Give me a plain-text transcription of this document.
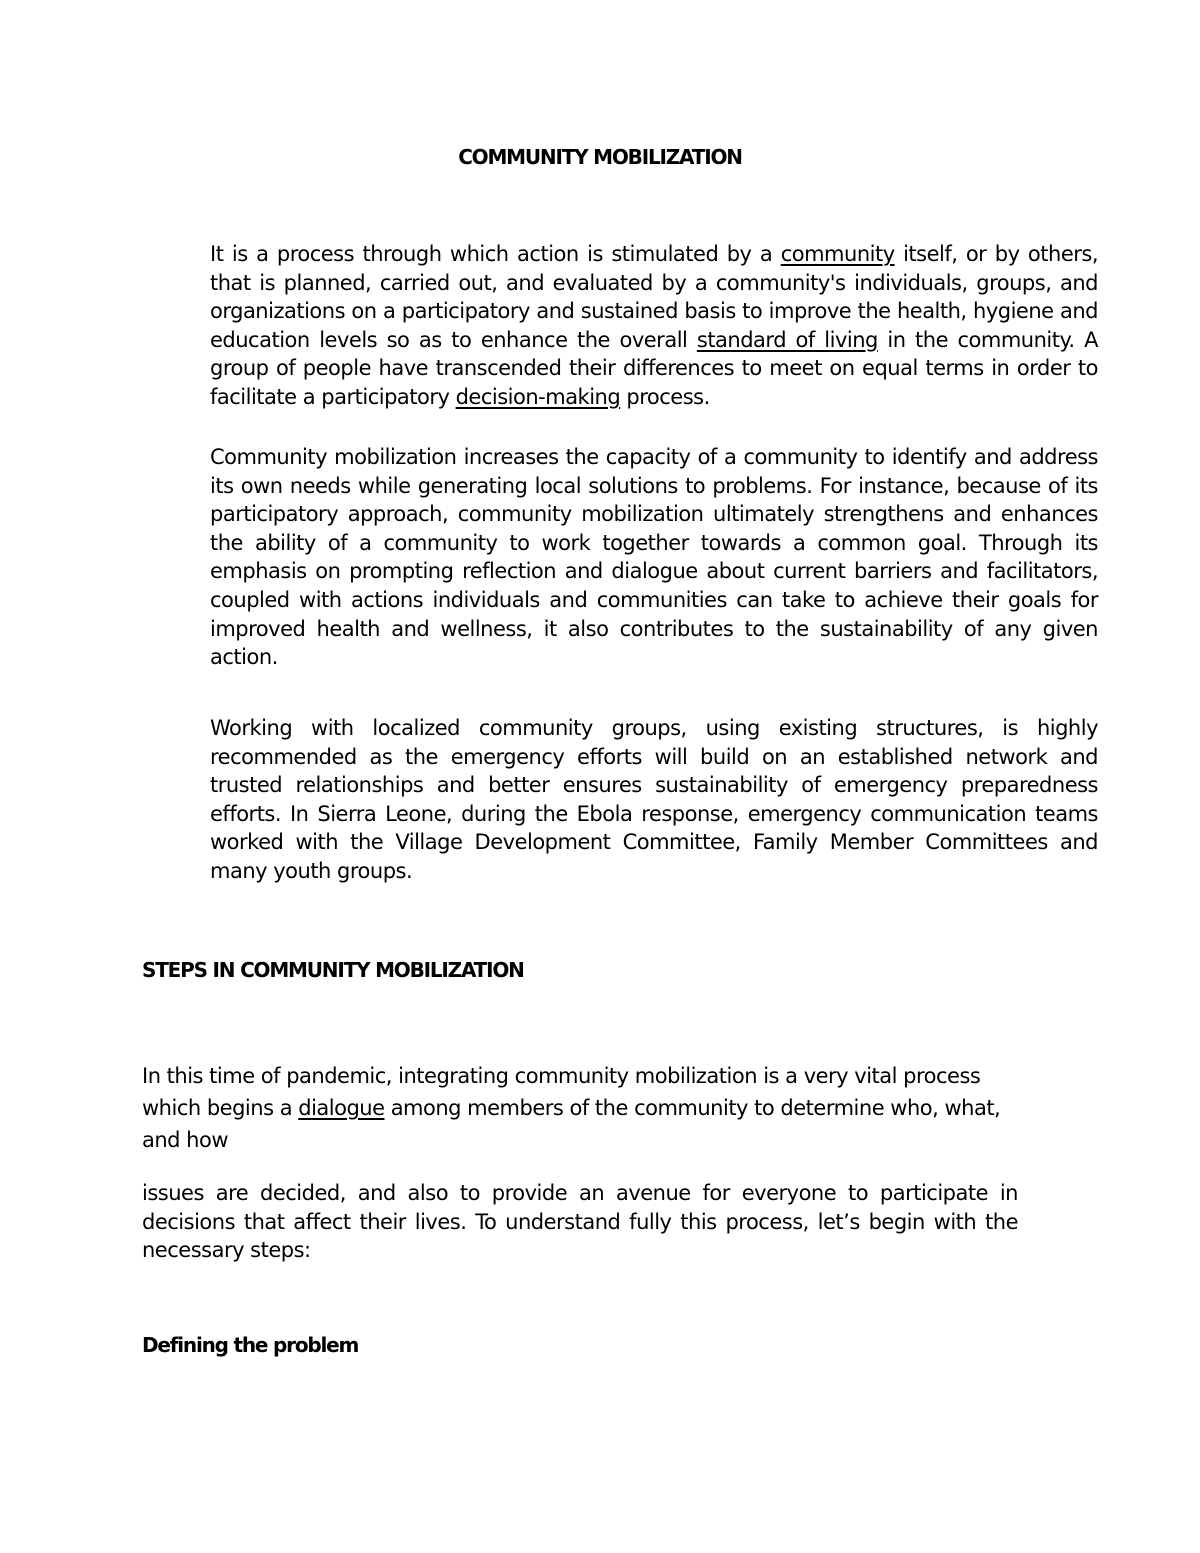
COMMUNITY MOBILIZATION

It is a process through which action is stimulated by a community itself, or by others, that is planned, carried out, and evaluated by a community's individuals, groups, and organizations on a participatory and sustained basis to improve the health, hygiene and education levels so as to enhance the overall standard of living in the community. A group of people have transcended their differences to meet on equal terms in order to facilitate a participatory decision-making process.

Community mobilization increases the capacity of a community to identify and address its own needs while generating local solutions to problems. For instance, because of its participatory approach, community mobilization ultimately strengthens and enhances the ability of a community to work together towards a common goal. Through its emphasis on prompting reflection and dialogue about current barriers and facilitators, coupled with actions individuals and communities can take to achieve their goals for improved health and wellness, it also contributes to the sustainability of any given action.

Working with localized community groups, using existing structures, is highly recommended as the emergency efforts will build on an established network and trusted relationships and better ensures sustainability of emergency preparedness efforts. In Sierra Leone, during the Ebola response, emergency communication teams worked with the Village Development Committee, Family Member Committees and many youth groups.

STEPS IN COMMUNITY MOBILIZATION

In this time of pandemic, integrating community mobilization is a very vital process which begins a dialogue among members of the community to determine who, what, and how

issues are decided, and also to provide an avenue for everyone to participate in decisions that affect their lives. To understand fully this process, let’s begin with the necessary steps:

Defining the problem
